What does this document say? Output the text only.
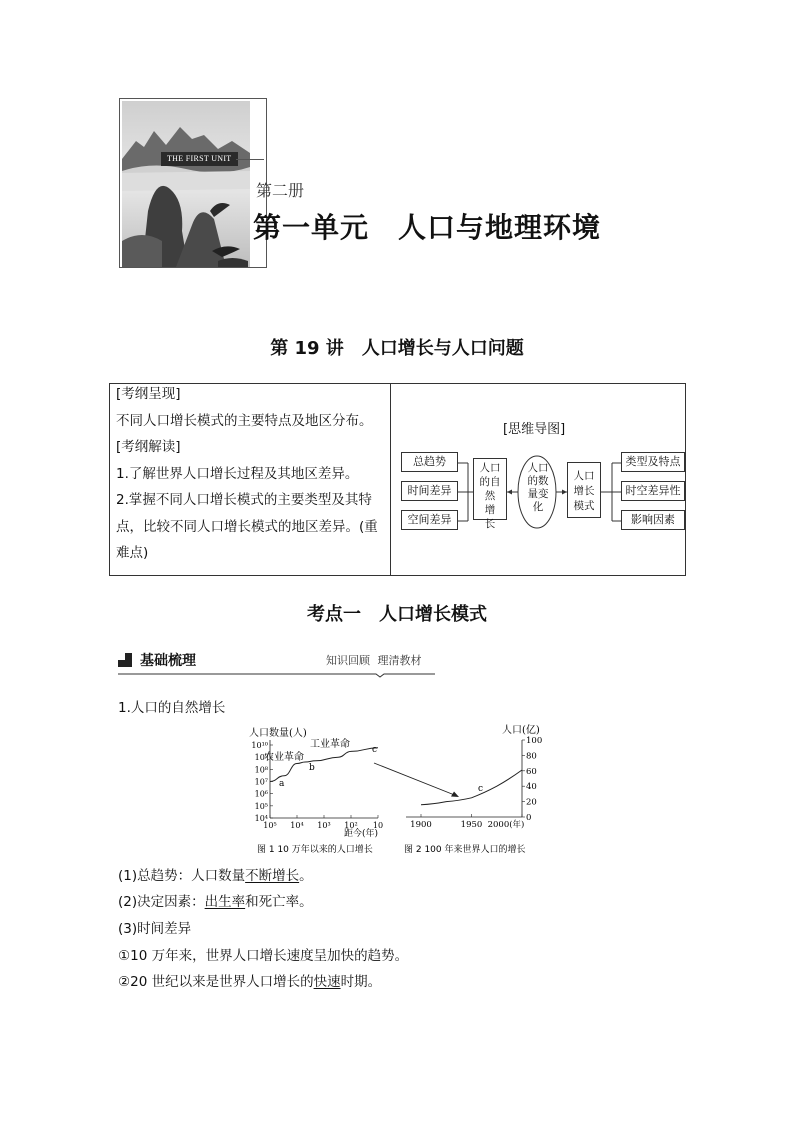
THE FIRST UNIT
第二册
第一单元　人口与地理环境
第 19 讲　人口增长与人口问题
[考纲呈现]
不同人口增长模式的主要特点及地区分布。
[考纲解读]
1.了解世界人口增长过程及其地区差异。
2.掌握不同人口增长模式的主要类型及其特
点，比较不同人口增长模式的地区差异。(重
难点)
[思维导图]
总趋势
时间差异
空间差异
人口
的自
然
增
长
人口
的数
量变
化
人口
增长
模式
类型及特点
时空差异性
影响因素
考点一　人口增长模式
基础梳理	知识回顾 理清教材
1.人口的自然增长
人口数量(人)
10¹⁰
10⁹
10⁸
10⁷
10⁶
10⁵
10⁴
10⁵ 10⁴ 10³ 10² 10
农业革命
工业革命
a
b
c
距今(年)
人口(亿)
100
80
60
40
20
0
1900	1950 2000(年)
c
图 1 10 万年以来的人口增长	图 2 100 年来世界人口的增长
(1)总趋势：人口数量不断增长。
(2)决定因素：出生率和死亡率。
(3)时间差异
①10 万年来，世界人口增长速度呈加快的趋势。
②20 世纪以来是世界人口增长的快速时期。
